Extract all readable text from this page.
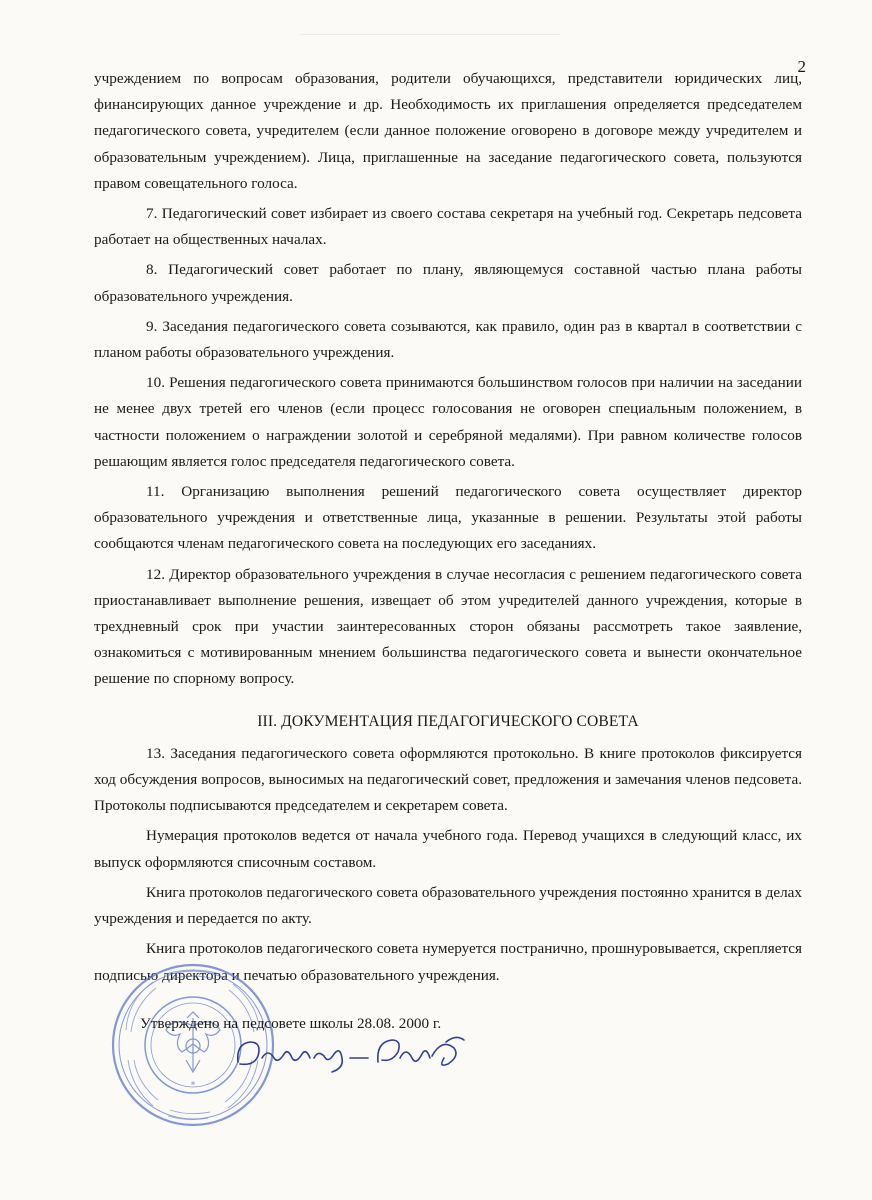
2

учреждением по вопросам образования, родители обучающихся, представители юридических лиц, финансирующих данное учреждение и др. Необходимость их приглашения определяется председателем педагогического совета, учредителем (если данное положение оговорено в договоре между учредителем и образовательным учреждением). Лица, приглашенные на заседание педагогического совета, пользуются правом совещательного голоса.

7. Педагогический совет избирает из своего состава секретаря на учебный год. Секретарь педсовета работает на общественных началах.

8. Педагогический совет работает по плану, являющемуся составной частью плана работы образовательного учреждения.

9. Заседания педагогического совета созываются, как правило, один раз в квартал в соответствии с планом работы образовательного учреждения.

10. Решения педагогического совета принимаются большинством голосов при наличии на заседании не менее двух третей его членов (если процесс голосования не оговорен специальным положением, в частности положением о награждении золотой и серебряной медалями). При равном количестве голосов решающим является голос председателя педагогического совета.

11. Организацию выполнения решений педагогического совета осуществляет директор образовательного учреждения и ответственные лица, указанные в решении. Результаты этой работы сообщаются членам педагогического совета на последующих его заседаниях.

12. Директор образовательного учреждения в случае несогласия с решением педагогического совета приостанавливает выполнение решения, извещает об этом учредителей данного учреждения, которые в трехдневный срок при участии заинтересованных сторон обязаны рассмотреть такое заявление, ознакомиться с мотивированным мнением большинства педагогического совета и вынести окончательное решение по спорному вопросу.

III. ДОКУМЕНТАЦИЯ ПЕДАГОГИЧЕСКОГО СОВЕТА

13. Заседания педагогического совета оформляются протокольно. В книге протоколов фиксируется ход обсуждения вопросов, выносимых на педагогический совет, предложения и замечания членов педсовета. Протоколы подписываются председателем и секретарем совета.

Нумерация протоколов ведется от начала учебного года. Перевод учащихся в следующий класс, их выпуск оформляются списочным составом.

Книга протоколов педагогического совета образовательного учреждения постоянно хранится в делах учреждения и передается по акту.

Книга протоколов педагогического совета нумеруется постранично, прошнуровывается, скрепляется подписью директора и печатью образовательного учреждения.

*
Утверждено на педсовете школы 28.08. 2000 г.
